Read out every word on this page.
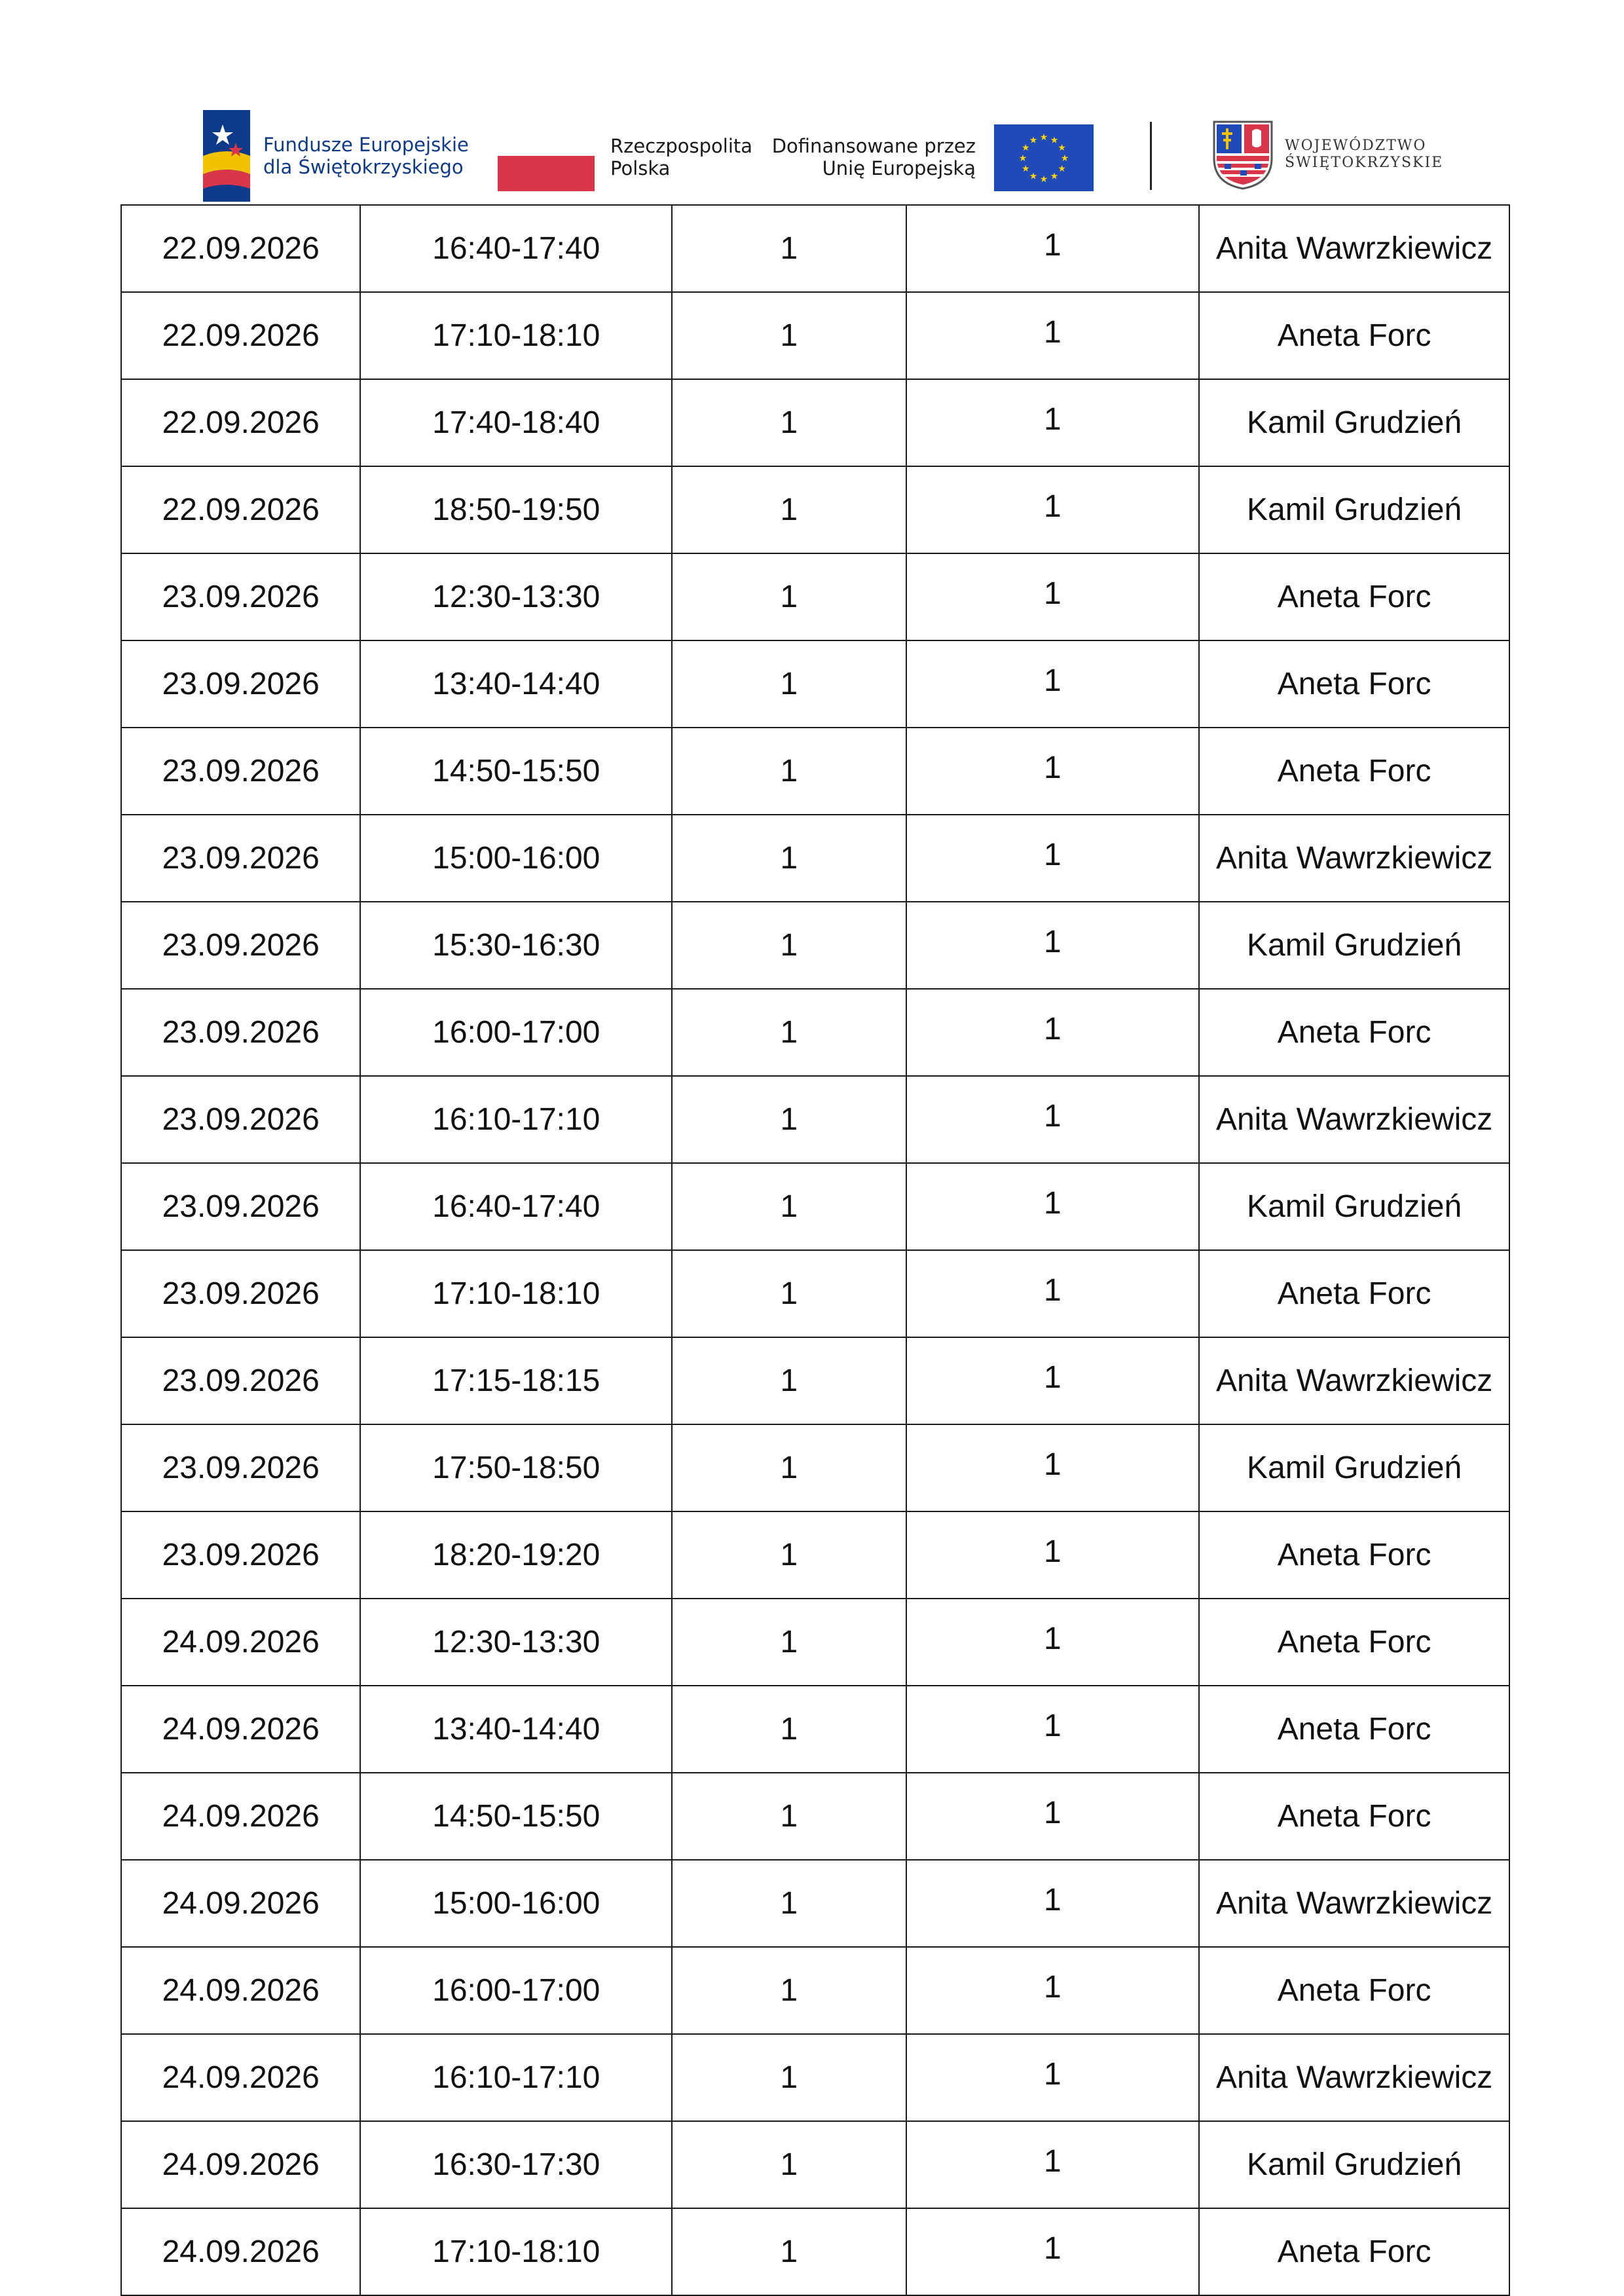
Fundusze Europejskie
dla Świętokrzyskiego
Rzeczpospolita
Polska
Dofinansowane przez
Unię Europejską
★ ★
★
★
★
★
★
★
★
★
★
★	WOJEWÓDZTWO
ŚWIĘTOKRZYSKIE
22.09.2026	16:40-17:40	1	1	Anita Wawrzkiewicz
22.09.2026	17:10-18:10	1	1	Aneta Forc
22.09.2026	17:40-18:40	1	1	Kamil Grudzień
22.09.2026	18:50-19:50	1	1	Kamil Grudzień
23.09.2026	12:30-13:30	1	1	Aneta Forc
23.09.2026	13:40-14:40	1	1	Aneta Forc
23.09.2026	14:50-15:50	1	1	Aneta Forc
23.09.2026	15:00-16:00	1	1	Anita Wawrzkiewicz
23.09.2026	15:30-16:30	1	1	Kamil Grudzień
23.09.2026	16:00-17:00	1	1	Aneta Forc
23.09.2026	16:10-17:10	1	1	Anita Wawrzkiewicz
23.09.2026	16:40-17:40	1	1	Kamil Grudzień
23.09.2026	17:10-18:10	1	1	Aneta Forc
23.09.2026	17:15-18:15	1	1	Anita Wawrzkiewicz
23.09.2026	17:50-18:50	1	1	Kamil Grudzień
23.09.2026	18:20-19:20	1	1	Aneta Forc
24.09.2026	12:30-13:30	1	1	Aneta Forc
24.09.2026	13:40-14:40	1	1	Aneta Forc
24.09.2026	14:50-15:50	1	1	Aneta Forc
24.09.2026	15:00-16:00	1	1	Anita Wawrzkiewicz
24.09.2026	16:00-17:00	1	1	Aneta Forc
24.09.2026	16:10-17:10	1	1	Anita Wawrzkiewicz
24.09.2026	16:30-17:30	1	1	Kamil Grudzień
24.09.2026	17:10-18:10	1	1	Aneta Forc
